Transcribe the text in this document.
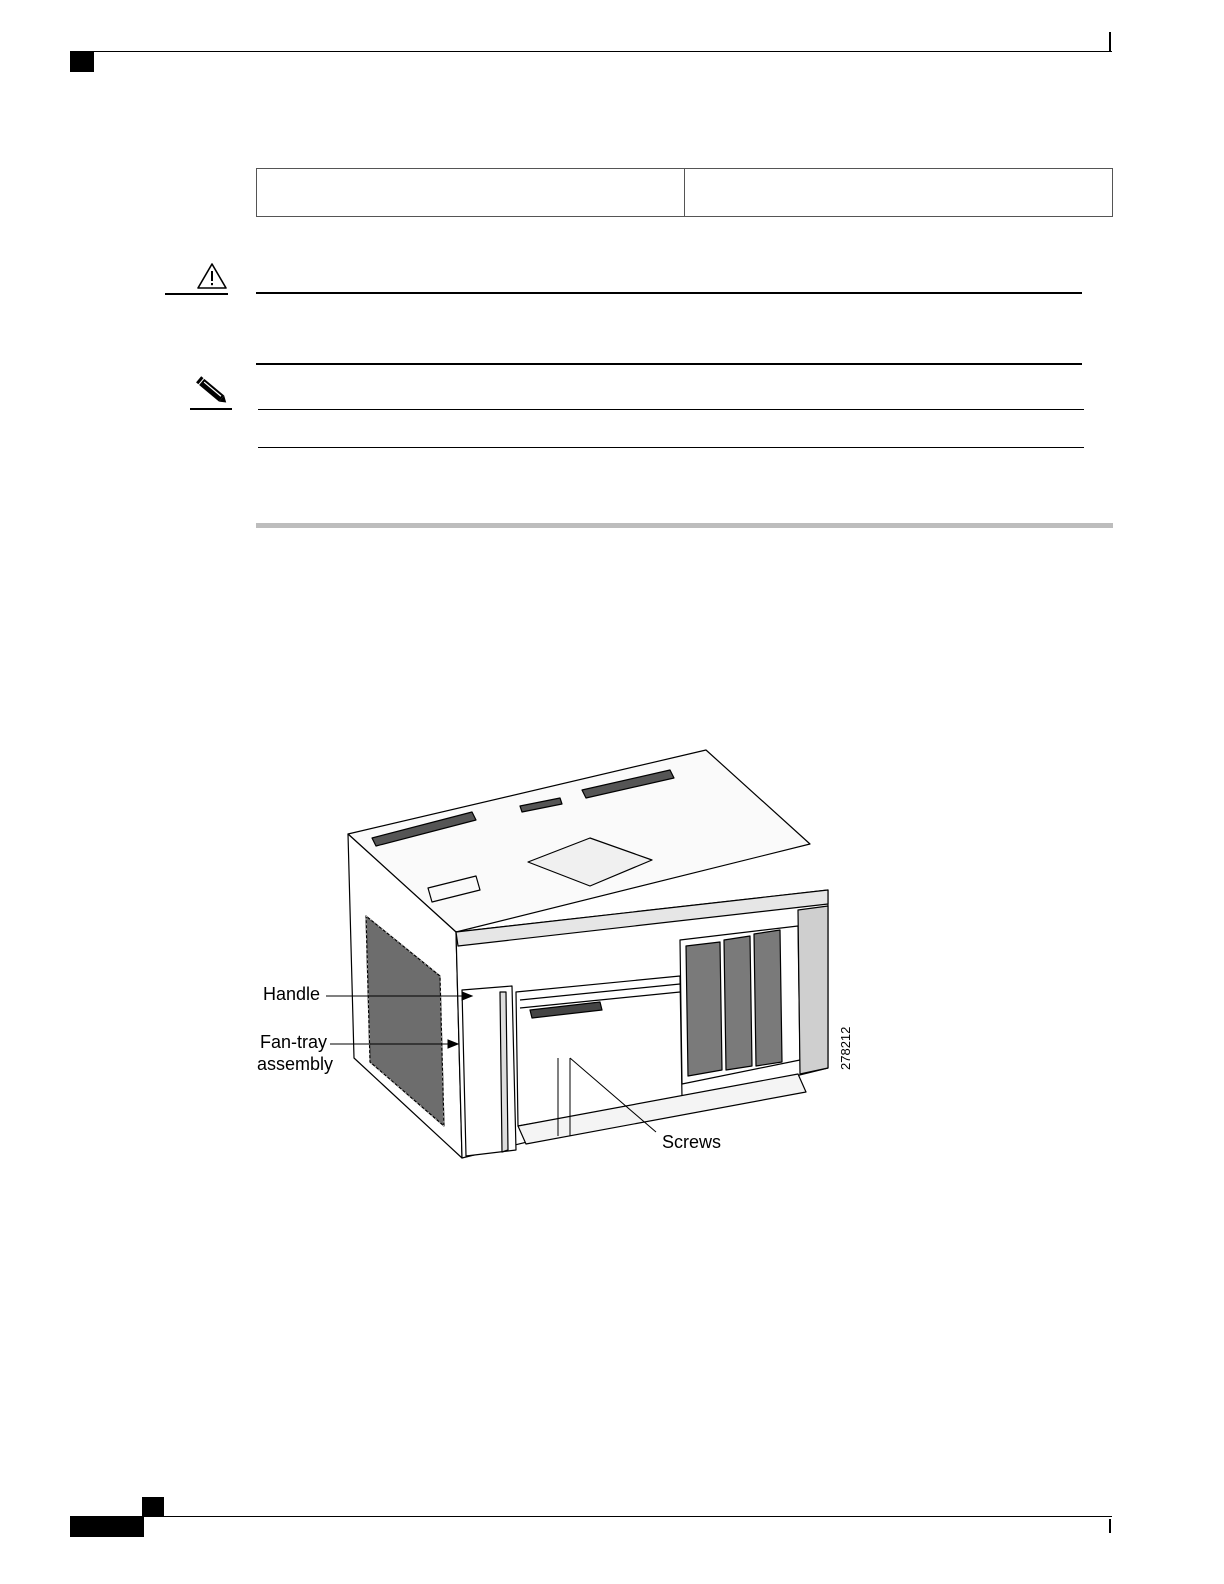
Handle
Fan-tray
assembly
Screws
278212
